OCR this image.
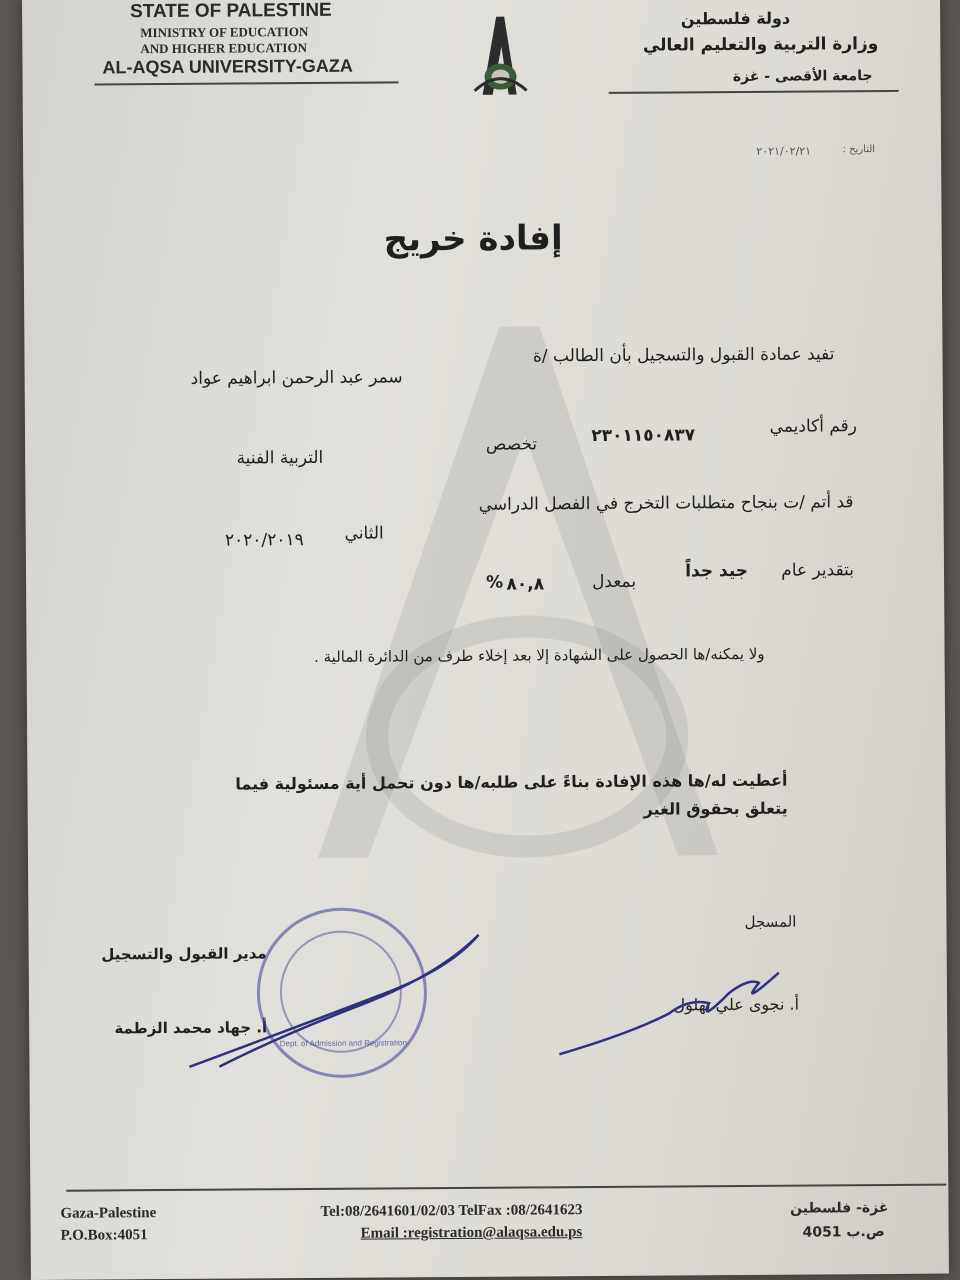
STATE OF PALESTINE
MINISTRY OF EDUCATION
AND HIGHER EDUCATION
AL-AQSA UNIVERSITY-GAZA
دولة فلسطين
وزارة التربية والتعليم العالي
جامعة الأقصى - غزة
التاريخ :
٢٠٢١/٠٢/٢١
إفادة خريج
تفيد عمادة القبول والتسجيل بأن الطالب /ة
سمر عبد الرحمن ابراهيم عواد
رقم أكاديمي
٢٣٠١١٥٠٨٣٧
تخصص
التربية الفنية
قد أتم /ت بنجاح متطلبات التخرج في الفصل الدراسي
الثاني
٢٠٢٠/٢٠١٩
بتقدير عام
جيد جداً
بمعدل
٨٠,٨
%
ولا يمكنه/ها الحصول على الشهادة إلا بعد إخلاء طرف من الدائرة المالية .
أعطيت له/ها هذه الإفادة بناءً على طلبه/ها دون تحمل أية مسئولية فيما يتعلق بحقوق الغير
المسجل
أ. نجوى علي بهلول
مدير القبول والتسجيل
أ. جهاد محمد الزطمة
Dept. of Admission and Registration
Gaza-Palestine
P.O.Box:4051
Tel:08/2641601/02/03 TelFax :08/2641623
Email :registration@alaqsa.edu.ps
غزة- فلسطين
ص.ب 4051
